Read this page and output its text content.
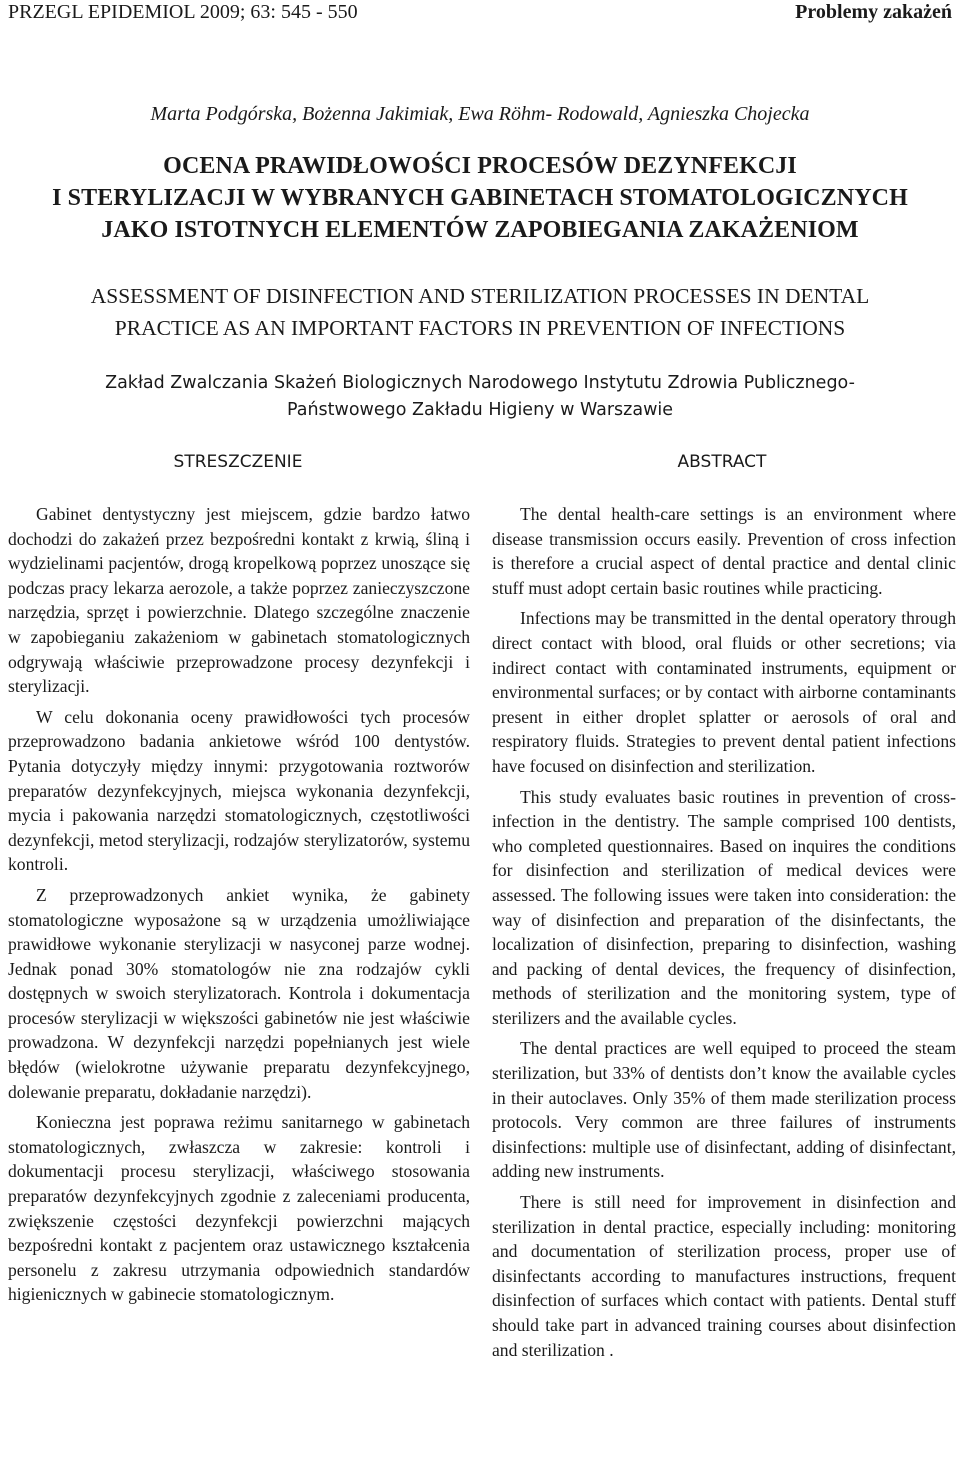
PRZEGL EPIDEMIOL 2009; 63: 545 - 550	Problemy zakażeń
Marta Podgórska, Bożenna Jakimiak, Ewa Röhm- Rodowald, Agnieszka Chojecka
OCENA PRAWIDŁOWOŚCI PROCESÓW DEZYNFEKCJI
I STERYLIZACJI W WYBRANYCH GABINETACH STOMATOLOGICZNYCH
JAKO ISTOTNYCH ELEMENTÓW ZAPOBIEGANIA ZAKAŻENIOM
ASSESSMENT OF DISINFECTION AND STERILIZATION PROCESSES IN DENTAL
PRACTICE AS AN IMPORTANT FACTORS IN PREVENTION OF INFECTIONS
Zakład Zwalczania Skażeń Biologicznych Narodowego Instytutu Zdrowia Publicznego-
Państwowego Zakładu Higieny w Warszawie
STRESZCZENIE	ABSTRACT

Gabinet dentystyczny jest miejscem, gdzie bardzo łatwo dochodzi do zakażeń przez bezpośredni kontakt z krwią, śliną i wydzielinami pacjentów, drogą kropelkową poprzez unoszące się podczas pracy lekarza aerozole, a także poprzez zanieczyszczone narzędzia, sprzęt i powierzchnie. Dlatego szczególne znaczenie w zapobieganiu zakażeniom w gabinetach stomatologicznych odgrywają właściwie przeprowadzone procesy dezynfekcji i sterylizacji.

W celu dokonania oceny prawidłowości tych procesów przeprowadzono badania ankietowe wśród 100 dentystów. Pytania dotyczyły między innymi: przygotowania roztworów preparatów dezynfekcyjnych, miejsca wykonania dezynfekcji, mycia i pakowania narzędzi stomatologicznych, częstotliwości dezynfekcji, metod sterylizacji, rodzajów sterylizatorów, systemu kontroli.

Z przeprowadzonych ankiet wynika, że gabinety stomatologiczne wyposażone są w urządzenia umożliwiające prawidłowe wykonanie sterylizacji w nasyconej parze wodnej. Jednak ponad 30% stomatologów nie zna rodzajów cykli dostępnych w swoich sterylizatorach. Kontrola i dokumentacja procesów sterylizacji w większości gabinetów nie jest właściwie prowadzona. W dezynfekcji narzędzi popełnianych jest wiele błędów (wielokrotne używanie preparatu dezynfekcyjnego, dolewanie preparatu, dokładanie narzędzi).

Konieczna jest poprawa reżimu sanitarnego w gabinetach stomatologicznych, zwłaszcza w zakresie: kontroli i dokumentacji procesu sterylizacji, właściwego stosowania preparatów dezynfekcyjnych zgodnie z zaleceniami producenta, zwiększenie częstości dezynfekcji powierzchni mających bezpośredni kontakt z pacjentem oraz ustawicznego kształcenia personelu z zakresu utrzymania odpowiednich standardów higienicznych w gabinecie stomatologicznym.

The dental health-care settings is an environment where disease transmission occurs easily. Prevention of cross infection is therefore a crucial aspect of dental practice and dental clinic stuff must adopt certain basic routines while practicing.

Infections may be transmitted in the dental operatory through direct contact with blood, oral fluids or other secretions; via indirect contact with contaminated instruments, equipment or environmental surfaces; or by contact with airborne contaminants present in either droplet splatter or aerosols of oral and respiratory fluids. Strategies to prevent dental patient infections have focused on disinfection and sterilization.

This study evaluates basic routines in prevention of cross-infection in the dentistry. The sample comprised 100 dentists, who completed questionnaires. Based on inquires the conditions for disinfection and sterilization of medical devices were assessed. The following issues were taken into consideration: the way of disinfection and preparation of the disinfectants, the localization of disinfection, preparing to disinfection, washing and packing of dental devices, the frequency of disinfection, methods of sterilization and the monitoring system, type of sterilizers and the available cycles.

The dental practices are well equiped to proceed the steam sterilization, but 33% of dentists don’t know the available cycles in their autoclaves. Only 35% of them made sterilization process protocols. Very common are three failures of instruments disinfections: multiple use of disinfectant, adding of disinfectant, adding new instruments.

There is still need for improvement in disinfection and sterilization in dental practice, especially including: monitoring and documentation of sterilization process, proper use of disinfectants according to manufactures instructions, frequent disinfection of surfaces which contact with patients. Dental stuff should take part in advanced training courses about disinfection and sterilization .
